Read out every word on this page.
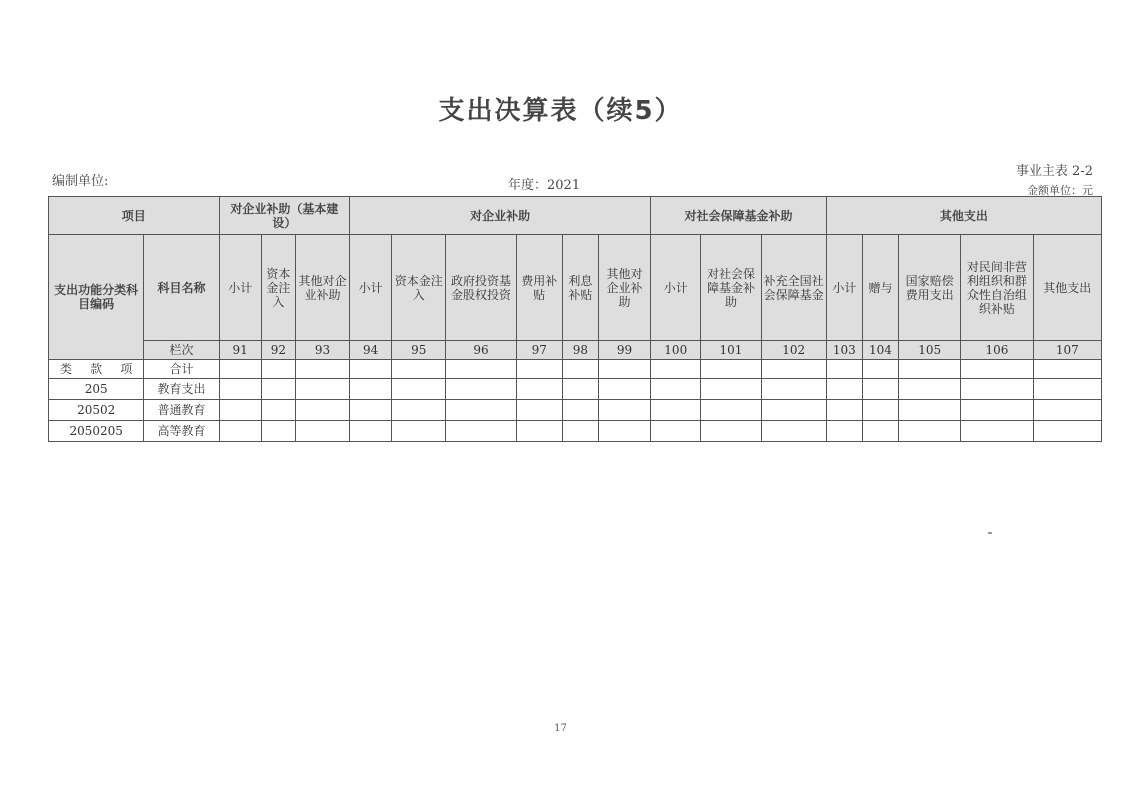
支出决算表（续5）
编制单位:	年度：2021
事业主表 2-2
金额单位：元
项目		对企业补助（基本建设）			对企业补助						对社会保障基金补助			其他支出				
支出功能分类科目编码	科目名称	小计	资本金注入	其他对企业补助	小计	资本金注入	政府投资基金股权投资	费用补贴	利息补贴	其他对企业补助	小计	对社会保障基金补助	补充全国社会保障基金	小计	赠与	国家赔偿费用支出	对民间非营利组织和群众性自治组织补贴	其他支出
	栏次	91	92	93	94	95	96	97	98	99	100	101	102	103	104	105	106	107

类 款 项	合计																	
205	教育支出																	
20502	普通教育																	
2050205	高等教育																	
17
